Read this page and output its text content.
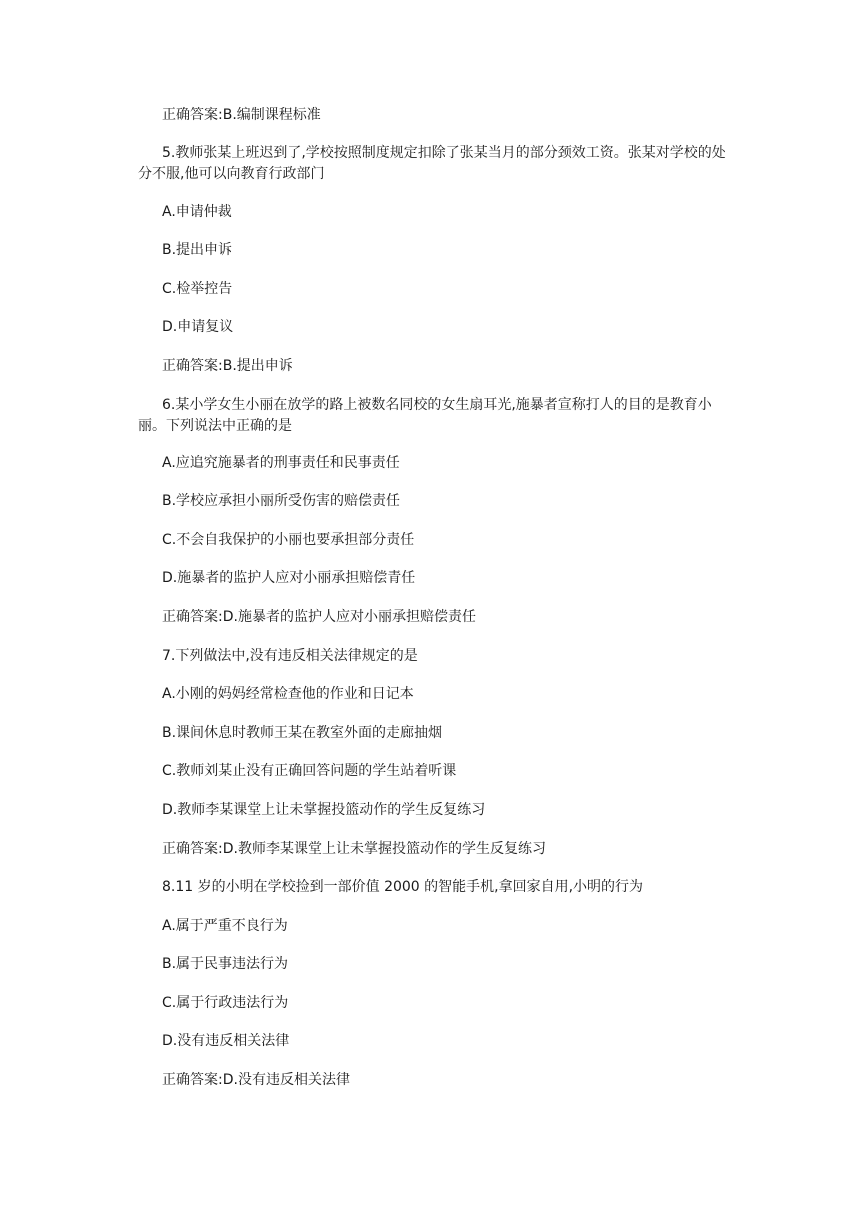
正确答案:B.编制课程标准
5.教师张某上班迟到了,学校按照制度规定扣除了张某当月的部分颈效工资。张某对学校的处分不服,他可以向教育行政部门
A.申请仲裁
B.提出申诉
C.检举控告
D.申请复议
正确答案:B.提出申诉
6.某小学女生小丽在放学的路上被数名同校的女生扇耳光,施暴者宣称打人的目的是教育小丽。下列说法中正确的是
A.应追究施暴者的刑事责任和民事责任
B.学校应承担小丽所受伤害的赔偿责任
C.不会自我保护的小丽也要承担部分责任
D.施暴者的监护人应对小丽承担赔偿青任
正确答案:D.施暴者的监护人应对小丽承担赔偿责任
7.下列做法中,没有违反相关法律规定的是
A.小刚的妈妈经常检查他的作业和日记本
B.课间休息时教师王某在教室外面的走廊抽烟
C.教师刘某止没有正确回答问题的学生站着听课
D.教师李某课堂上让未掌握投篮动作的学生反复练习
正确答案:D.教师李某课堂上让未掌握投篮动作的学生反复练习
8.11 岁的小明在学校捡到一部价值 2000 的智能手机,拿回家自用,小明的行为
A.属于严重不良行为
B.属于民事违法行为
C.属于行政违法行为
D.没有违反相关法律
正确答案:D.没有违反相关法律
